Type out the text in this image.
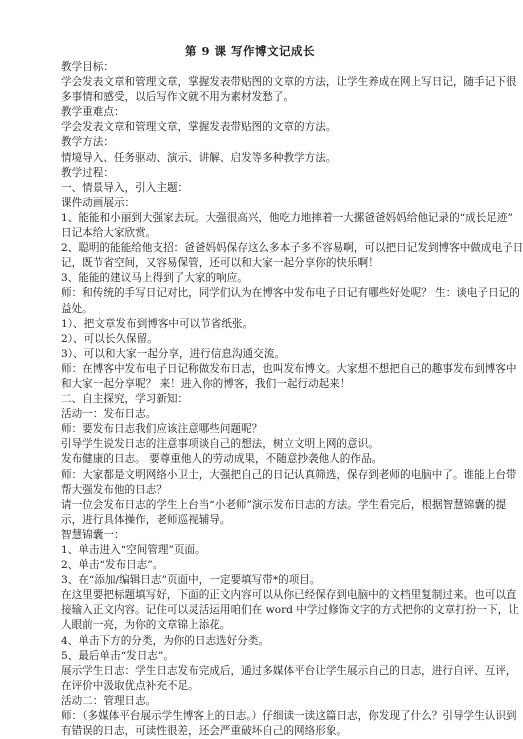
第 9 课 写作博文记成长

教学目标：

学会发表文章和管理文章，掌握发表带贴图的文章的方法，让学生养成在网上写日记，随手记下很

多事情和感受，以后写作文就不用为素材发愁了。

教学重难点：

学会发表文章和管理文章，掌握发表带贴图的文章的方法。

教学方法：

情境导入、任务驱动、演示、讲解、启发等多种教学方法。

教学过程：

一、情景导入，引入主题：

课件动画展示：

1、能能和小丽到大强家去玩。大强很高兴，他吃力地摔着一大摞爸爸妈妈给他记录的“成长足迹”

日记本给大家欣赏。

2、聪明的能能给他支招：爸爸妈妈保存这么多本子多不容易啊，可以把日记发到博客中做成电子日

记，既节省空间，又容易保管，还可以和大家一起分享你的快乐啊！

3、能能的建议马上得到了大家的响应。

师：和传统的手写日记对比，同学们认为在博客中发布电子日记有哪些好处呢？ 生：谈电子日记的

益处。

1）、把文章发布到博客中可以节省纸张。

2）、可以长久保留。

3）、可以和大家一起分享，进行信息沟通交流。

师：在博客中发布电子日记称做发布日志，也叫发布博文。大家想不想把自己的趣事发布到博客中

和大家一起分享呢？ 来！进入你的博客，我们一起行动起来！

二、自主探究，学习新知：

活动一：发布日志。

师：要发布日志我们应该注意哪些问题呢？

引导学生说发日志的注意事项谈自己的想法，树立文明上网的意识。

发布健康的日志。 要尊重他人的劳动成果，不随意抄袭他人的作品。

师：大家都是文明网络小卫士，大强把自己的日记认真筛选，保存到老师的电脑中了。谁能上台带

帮大强发布他的日志？

请一位会发布日志的学生上台当“小老师”演示发布日志的方法。学生看完后，根据智慧锦囊的提

示，进行具体操作，老师巡视辅导。

智慧锦囊一：

1、单击进入“空间管理”页面。

2、单击“发布日志”。

3、在“添加/编辑日志”页面中，一定要填写带*的项目。

在这里要把标题填写好，下面的正文内容可以从你已经保存到电脑中的文档里复制过来。也可以直

接输入正文内容。记住可以灵活运用咱们在 word 中学过修饰文字的方式把你的文章打扮一下，让

人眼前一亮，为你的文章锦上添花。

4、单击下方的分类，为你的日志选好分类。

5、最后单击“发日志”。

展示学生日志：学生日志发布完成后，通过多媒体平台让学生展示自己的日志，进行自评、互评，

在评价中汲取优点补充不足。

活动二：管理日志。

师：（多媒体平台展示学生博客上的日志。）仔细读一读这篇日志，你发现了什么？引导学生认识到

有错误的日志，可读性很差，还会严重破坏自己的网络形象。
